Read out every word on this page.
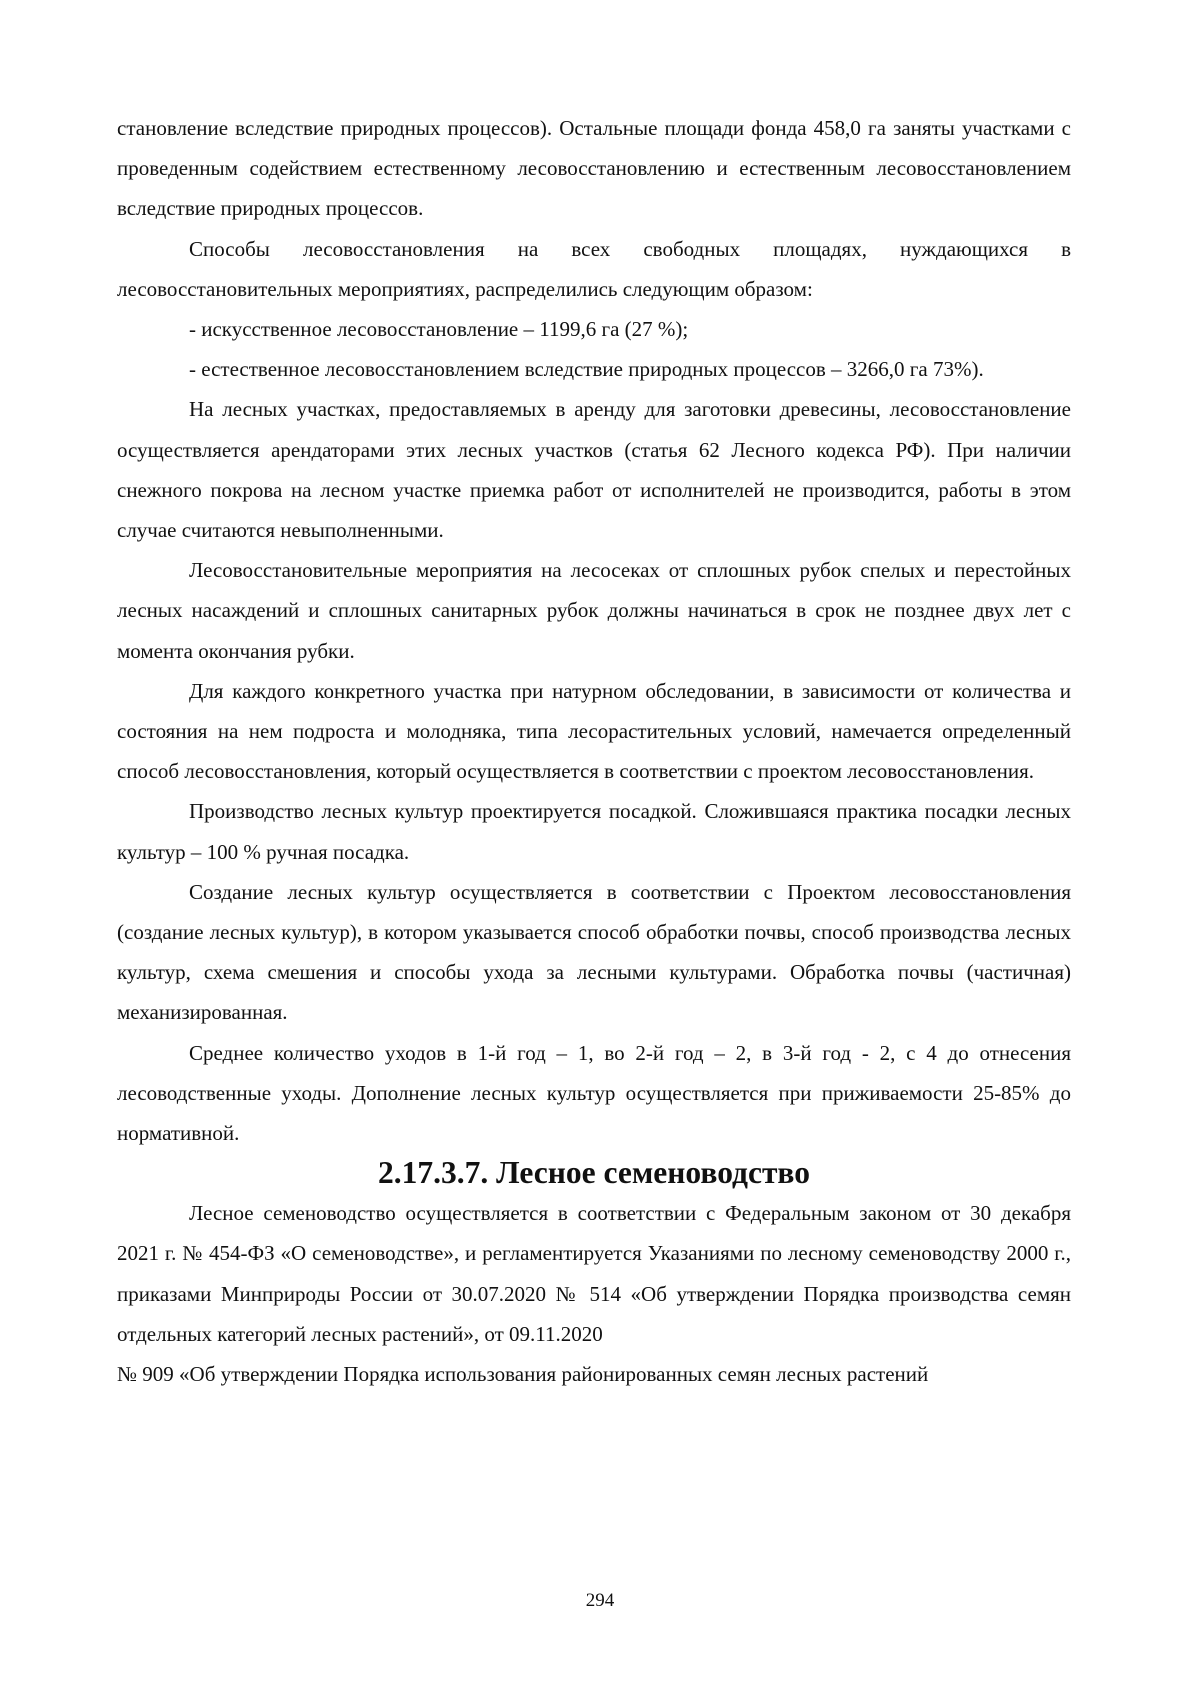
становление вследствие природных процессов). Остальные площади фонда 458,0 га заняты участками с проведенным содействием естественному лесовосстановлению и естественным лесовосстановлением вследствие природных процессов.

Способы лесовосстановления на всех свободных площадях, нуждающихся в лесовосстановительных мероприятиях, распределились следующим образом:

- искусственное лесовосстановление – 1199,6 га (27 %);

- естественное лесовосстановлением вследствие природных процессов – 3266,0 га 73%).

На лесных участках, предоставляемых в аренду для заготовки древесины, лесовосстановление осуществляется арендаторами этих лесных участков (статья 62 Лесного кодекса РФ). При наличии снежного покрова на лесном участке приемка работ от исполнителей не производится, работы в этом случае считаются невыполненными.

Лесовосстановительные мероприятия на лесосеках от сплошных рубок спелых и перестойных лесных насаждений и сплошных санитарных рубок должны начинаться в срок не позднее двух лет с момента окончания рубки.

Для каждого конкретного участка при натурном обследовании, в зависимости от количества и состояния на нем подроста и молодняка, типа лесорастительных условий, намечается определенный способ лесовосстановления, который осуществляется в соответствии с проектом лесовосстановления.

Производство лесных культур проектируется посадкой. Сложившаяся практика посадки лесных культур – 100 % ручная посадка.

Создание лесных культур осуществляется в соответствии с Проектом лесовосстановления (создание лесных культур), в котором указывается способ обработки почвы, способ производства лесных культур, схема смешения и способы ухода за лесными культурами. Обработка почвы (частичная) механизированная.

Среднее количество уходов в 1-й год – 1, во 2-й год – 2, в 3-й год - 2, с 4 до отнесения лесоводственные уходы. Дополнение лесных культур осуществляется при приживаемости 25-85% до нормативной.

2.17.3.7. Лесное семеноводство

Лесное семеноводство осуществляется в соответствии с Федеральным законом от 30 декабря 2021 г. № 454-ФЗ «О семеноводстве», и регламентируется Указаниями по лесному семеноводству 2000 г., приказами Минприроды России от 30.07.2020 № 514 «Об утверждении Порядка производства семян отдельных категорий лесных растений», от 09.11.2020

№ 909 «Об утверждении Порядка использования районированных семян лесных растений

294
